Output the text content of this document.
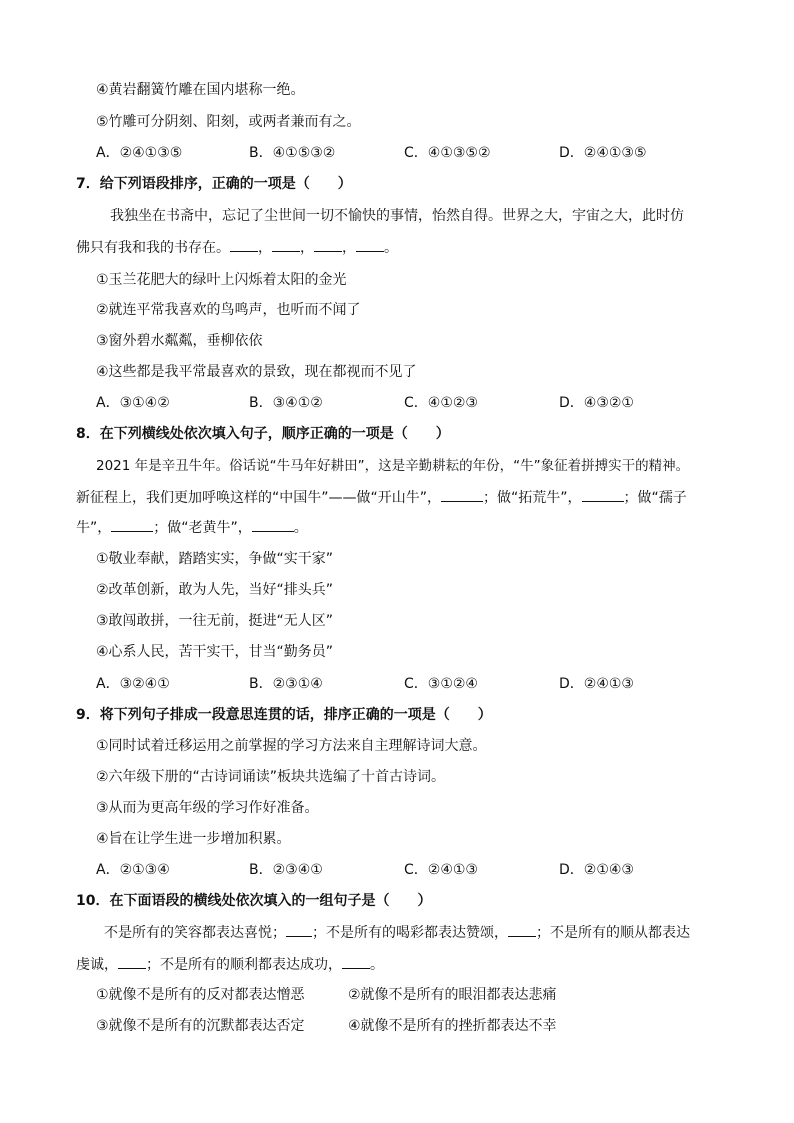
④黄岩翻簧竹雕在国内堪称一绝。
⑤竹雕可分阴刻、阳刻，或两者兼而有之。
A．②④①③⑤	B．④①⑤③②	C．④①③⑤②	D．②④①③⑤
7．给下列语段排序，正确的一项是（　　）
我独坐在书斋中，忘记了尘世间一切不愉快的事情，怡然自得。世界之大，宇宙之大，此时仿
佛只有我和我的书存在。 ， ， ， 。
①玉兰花肥大的绿叶上闪烁着太阳的金光
②就连平常我喜欢的鸟鸣声，也听而不闻了
③窗外碧水粼粼，垂柳依依
④这些都是我平常最喜欢的景致，现在都视而不见了
A．③①④②	B．③④①②	C．④①②③	D．④③②①
8．在下列横线处依次填入句子，顺序正确的一项是（　　）
2021 年是辛丑牛年。俗话说“牛马年好耕田”，这是辛勤耕耘的年份，“牛”象征着拼搏实干的精神。
新征程上，我们更加呼唤这样的“中国牛”——做“开山牛”，	；做“拓荒牛”，	；做“孺子
牛”，	；做“老黄牛”，	。
①敬业奉献，踏踏实实，争做“实干家”
②改革创新，敢为人先，当好“排头兵”
③敢闯敢拼，一往无前，挺进“无人区”
④心系人民，苦干实干，甘当“勤务员”
A．③②④①	B．②③①④	C．③①②④	D．②④①③
9．将下列句子排成一段意思连贯的话，排序正确的一项是（　　）
①同时试着迁移运用之前掌握的学习方法来自主理解诗词大意。
②六年级下册的“古诗词诵读”板块共选编了十首古诗词。
③从而为更高年级的学习作好准备。
④旨在让学生进一步增加积累。
A．②①③④	B．②③④①	C．②④①③	D．②①④③
10．在下面语段的横线处依次填入的一组句子是（　　）
不是所有的笑容都表达喜悦； ；不是所有的喝彩都表达赞颂， ；不是所有的顺从都表达
虔诚， ；不是所有的顺利都表达成功， 。
①就像不是所有的反对都表达憎恶	②就像不是所有的眼泪都表达悲痛
③就像不是所有的沉默都表达否定	④就像不是所有的挫折都表达不幸
